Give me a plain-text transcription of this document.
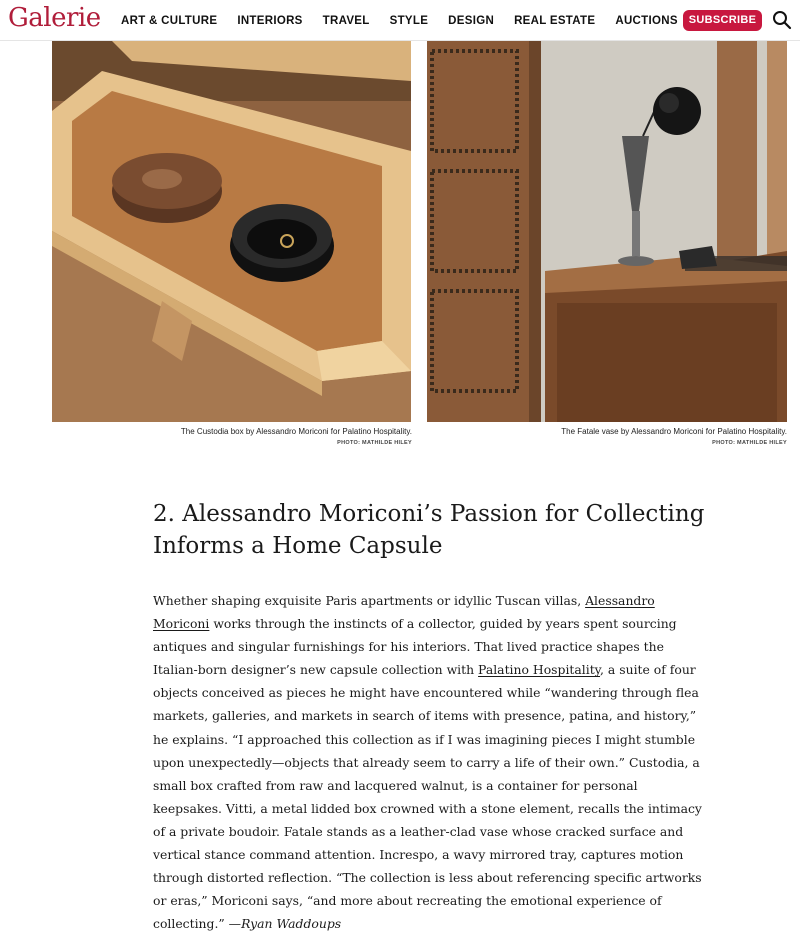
Galerie ART & CULTURE INTERIORS TRAVEL STYLE DESIGN REAL ESTATE AUCTIONS SUBSCRIBE
The Custodia box by Alessandro Moriconi for Palatino Hospitality.
PHOTO: MATHILDE HILEY
The Fatale vase by Alessandro Moriconi for Palatino Hospitality.
PHOTO: MATHILDE HILEY
2. Alessandro Moriconi’s Passion for Collecting Informs a Home Capsule

Whether shaping exquisite Paris apartments or idyllic Tuscan villas, Alessandro Moriconi works through the instincts of a collector, guided by years spent sourcing antiques and singular furnishings for his interiors. That lived practice shapes the Italian-born designer’s new capsule collection with Palatino Hospitality, a suite of four objects conceived as pieces he might have encountered while “wandering through flea markets, galleries, and markets in search of items with presence, patina, and history,” he explains. “I approached this collection as if I was imagining pieces I might stumble upon unexpectedly—objects that already seem to carry a life of their own.” Custodia, a small box crafted from raw and lacquered walnut, is a container for personal keepsakes. Vitti, a metal lidded box crowned with a stone element, recalls the intimacy of a private boudoir. Fatale stands as a leather-clad vase whose cracked surface and vertical stance command attention. Increspo, a wavy mirrored tray, captures motion through distorted reflection. “The collection is less about referencing specific artworks or eras,” Moriconi says, “and more about recreating the emotional experience of collecting.” —Ryan Waddoups
